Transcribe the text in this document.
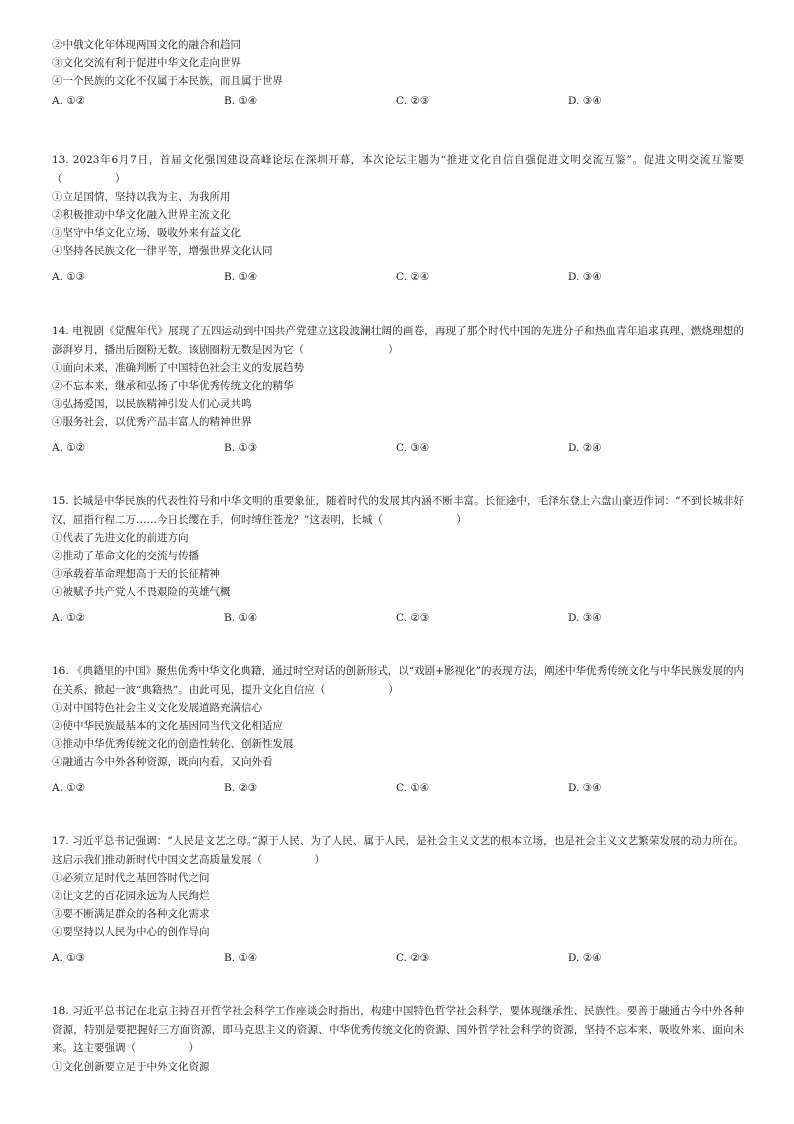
②中俄文化年体现两国文化的融合和趋同
③文化交流有利于促进中华文化走向世界
④一个民族的文化不仅属于本民族，而且属于世界
A. ①②	B. ①④	C. ②③	D. ③④
13. 2023年6月7日，首届文化强国建设高峰论坛在深圳开幕，本次论坛主题为“推进文化自信自强促进文明交流互鉴”。促进文明交流互鉴要（　　　　　）
①立足国情，坚持以我为主、为我所用
②积极推动中华文化融入世界主流文化
③坚守中华文化立场，吸收外来有益文化
④坚持各民族文化一律平等，增强世界文化认同
A. ①③	B. ①④	C. ②④	D. ③④
14. 电视剧《觉醒年代》展现了五四运动到中国共产党建立这段波澜壮阔的画卷，再现了那个时代中国的先进分子和热血青年追求真理、燃烧理想的澎湃岁月，播出后圈粉无数。该剧圈粉无数是因为它（　　　　　　　　）
①面向未来，准确判断了中国特色社会主义的发展趋势
②不忘本来，继承和弘扬了中华优秀传统文化的精华
③弘扬爱国，以民族精神引发人们心灵共鸣
④服务社会，以优秀产品丰富人的精神世界
A. ①②	B. ①③	C. ③④	D. ②④
15. 长城是中华民族的代表性符号和中华文明的重要象征，随着时代的发展其内涵不断丰富。长征途中，毛泽东登上六盘山豪迈作词：“不到长城非好汉，屈指行程二万……今日长缨在手，何时缚住苍龙？”这表明，长城（　　　　　　　）
①代表了先进文化的前进方向
②推动了革命文化的交流与传播
③承载着革命理想高于天的长征精神
④被赋予共产党人不畏艰险的英雄气概
A. ①②	B. ①④	C. ②③	D. ③④
16. 《典籍里的中国》聚焦优秀中华文化典籍，通过时空对话的创新形式，以“戏剧+影视化”的表现方法，阐述中华优秀传统文化与中华民族发展的内在关系，掀起一波“典籍热”。由此可见，提升文化自信应（　　　　　　）
①对中国特色社会主义文化发展道路充满信心
②使中华民族最基本的文化基因同当代文化相适应
③推动中华优秀传统文化的创造性转化、创新性发展
④融通古今中外各种资源，既向内看，又向外看
A. ①②	B. ②③	C. ①④	D. ③④
17. 习近平总书记强调：“人民是文艺之母。”源于人民、为了人民、属于人民，是社会主义文艺的根本立场，也是社会主义文艺繁荣发展的动力所在。这启示我们推动新时代中国文艺高质量发展（　　　　　）
①必须立足时代之基回答时代之问
②让文艺的百花园永远为人民绚烂
③要不断满足群众的各种文化需求
④要坚持以人民为中心的创作导向
A. ①③	B. ①④	C. ②③	D. ②④
18. 习近平总书记在北京主持召开哲学社会科学工作座谈会时指出，构建中国特色哲学社会科学，要体现继承性、民族性。要善于融通古今中外各种资源，特别是要把握好三方面资源，即马克思主义的资源、中华优秀传统文化的资源、国外哲学社会科学的资源，坚持不忘本来、吸收外来、面向未来。这主要强调（　　　　　）
①文化创新要立足于中外文化资源
